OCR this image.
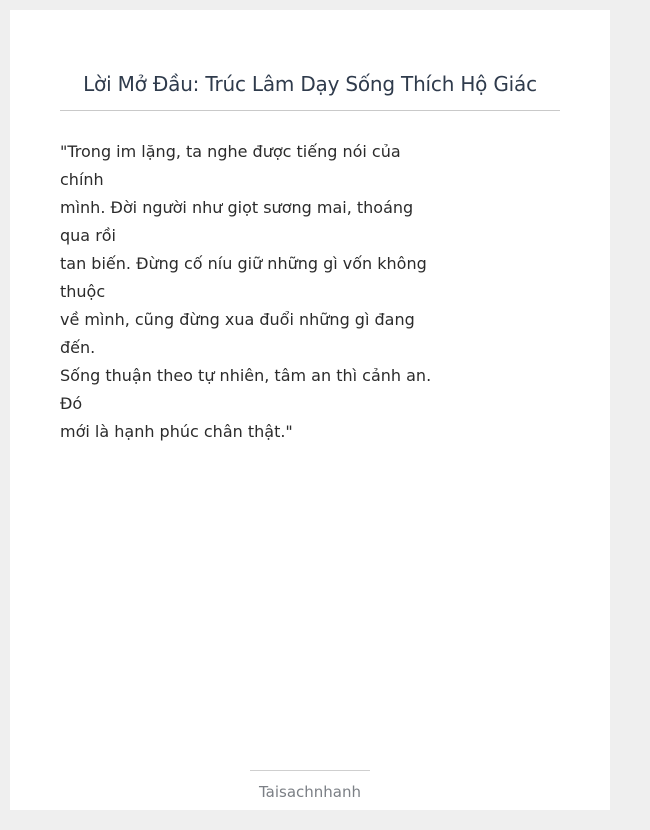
Lời Mở Đầu: Trúc Lâm Dạy Sống Thích Hộ Giác
"Trong im lặng, ta nghe được tiếng nói của
chính
mình. Đời người như giọt sương mai, thoáng
qua rồi
tan biến. Đừng cố níu giữ những gì vốn không
thuộc
về mình, cũng đừng xua đuổi những gì đang
đến.
Sống thuận theo tự nhiên, tâm an thì cảnh an.
Đó
mới là hạnh phúc chân thật."
Taisachnhanh
